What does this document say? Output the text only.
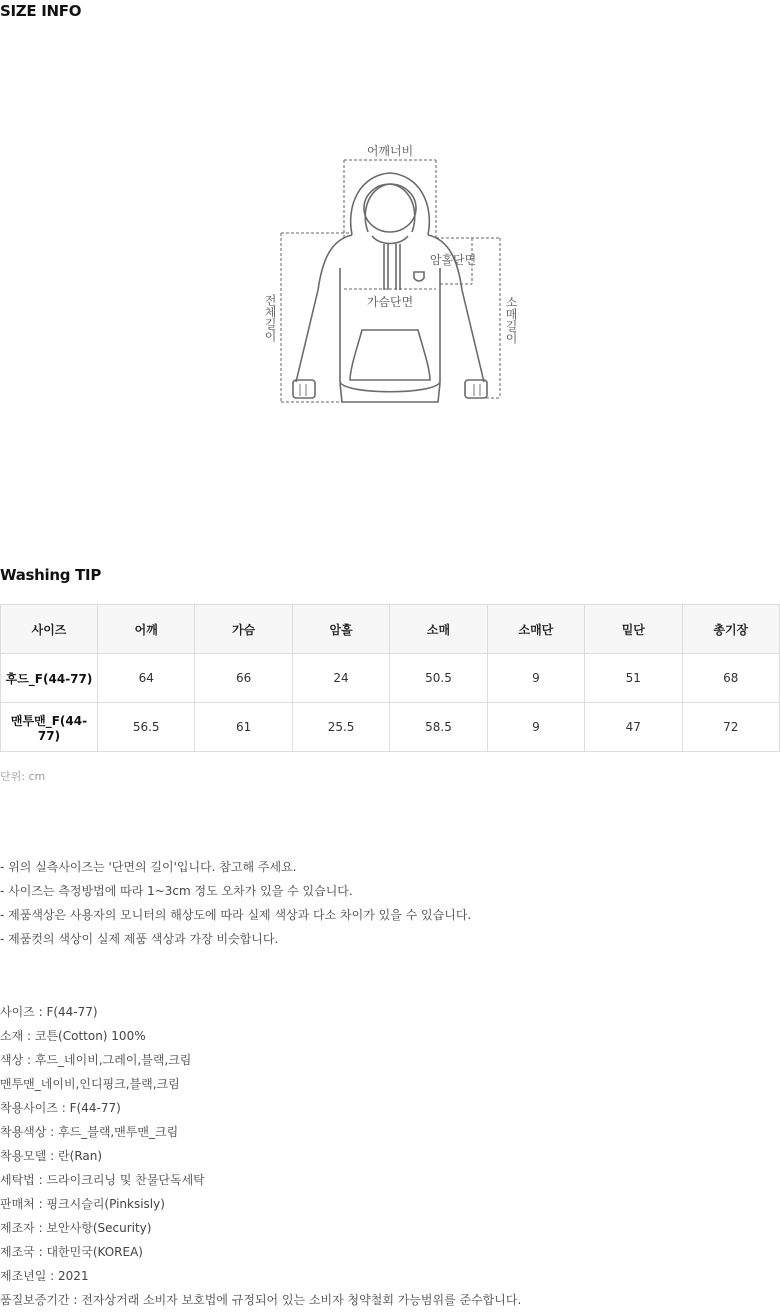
SIZE INFO
어깨너비
암홀단면
가슴단면
전체길이	소매길이
Washing TIP
사이즈	어깨	가슴	암홀	소매	소매단	밑단	총기장
후드_F(44-77)	64	66	24	50.5	9	51	68
맨투맨_F(44-77)	56.5	61	25.5	58.5	9	47	72
단위: cm
- 위의 실측사이즈는 '단면의 길이'입니다. 참고해 주세요.
- 사이즈는 측정방법에 따라 1~3cm 정도 오차가 있을 수 있습니다.
- 제품색상은 사용자의 모니터의 해상도에 따라 실제 색상과 다소 차이가 있을 수 있습니다.
- 제품컷의 색상이 실제 제품 색상과 가장 비슷합니다.
사이즈 : F(44-77)
소재 : 코튼(Cotton) 100%
색상 : 후드_네이비,그레이,블랙,크림
맨투맨_네이비,인디핑크,블랙,크림
착용사이즈 : F(44-77)
착용색상 : 후드_블랙,맨투맨_크림
착용모델 : 란(Ran)
세탁법 : 드라이크리닝 및 찬물단독세탁
판매처 : 핑크시슬리(Pinksisly)
제조자 : 보안사항(Security)
제조국 : 대한민국(KOREA)
제조년일 : 2021
품질보증기간 : 전자상거래 소비자 보호법에 규정되어 있는 소비자 청약철회 가능범위를 준수합니다.
